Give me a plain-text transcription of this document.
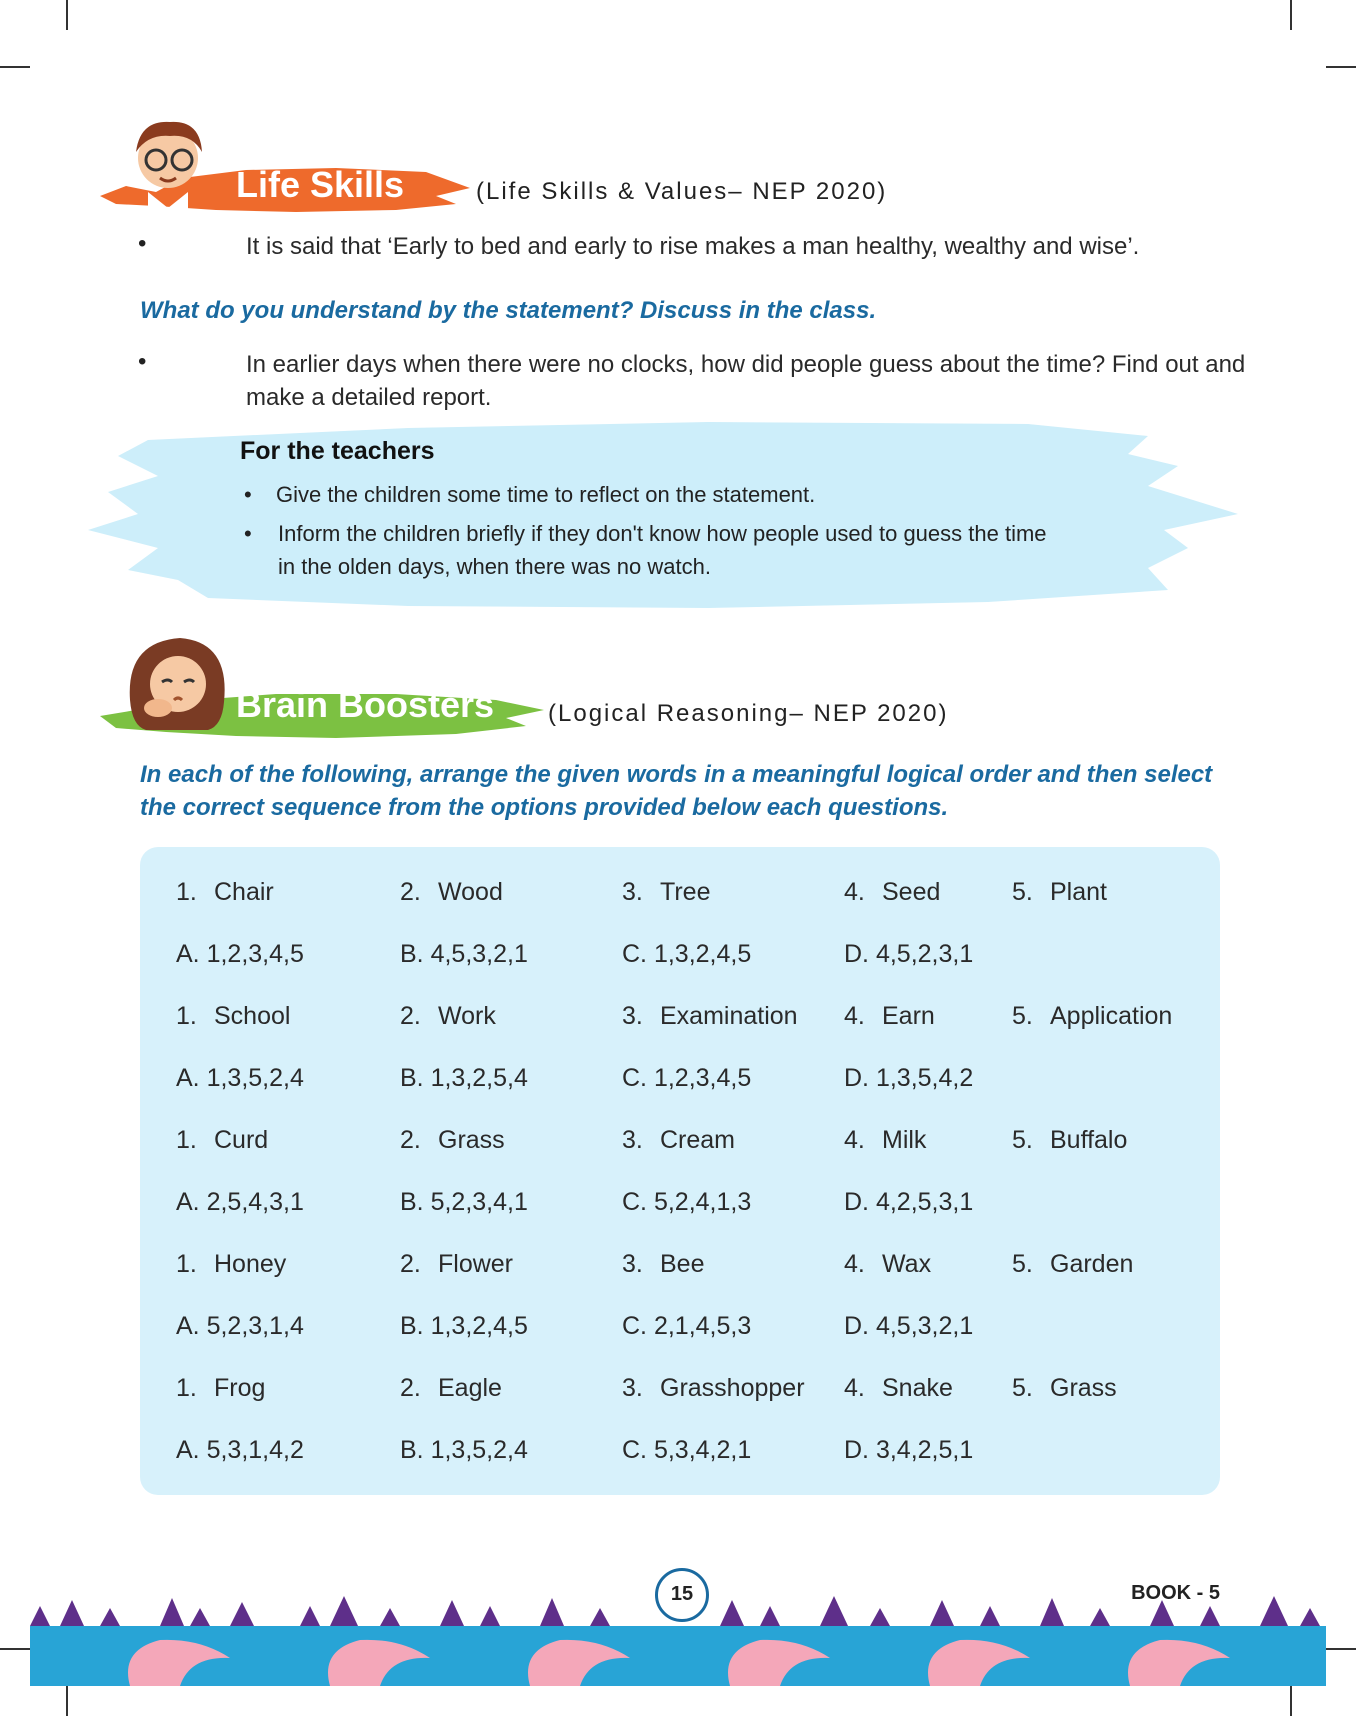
Life Skills	(Life Skills & Values– NEP 2020)
•	It is said that ‘Early to bed and early to rise makes a man healthy, wealthy and wise’.
What do you understand by the statement? Discuss in the class.
•	In earlier days when there were no clocks, how did people guess about the time? Find out and
make a detailed report.
For the teachers
• Give the children some time to reflect on the statement.
• Inform the children briefly if they don't know how people used to guess the time
in the olden days, when there was no watch.
Brain Boosters (Logical Reasoning– NEP 2020)
In each of the following, arrange the given words in a meaningful logical order and then select
the correct sequence from the options provided below each questions.
1. Chair	2. Wood	3. Tree	4. Seed	5. Plant
A. 1,2,3,4,5	B. 4,5,3,2,1	C. 1,3,2,4,5	D. 4,5,2,3,1
1. School	2. Work	3. Examination 4. Earn	5. Application
A. 1,3,5,2,4	B. 1,3,2,5,4	C. 1,2,3,4,5	D. 1,3,5,4,2
1. Curd	2. Grass	3. Cream	4. Milk	5. Buffalo
A. 2,5,4,3,1	B. 5,2,3,4,1	C. 5,2,4,1,3	D. 4,2,5,3,1
1. Honey	2. Flower	3. Bee	4. Wax	5. Garden
A. 5,2,3,1,4	B. 1,3,2,4,5	C. 2,1,4,5,3	D. 4,5,3,2,1
1. Frog	2. Eagle	3. Grasshopper 4. Snake 5. Grass
A. 5,3,1,4,2	B. 1,3,5,2,4	C. 5,3,4,2,1	D. 3,4,2,5,1
15	BOOK - 5
